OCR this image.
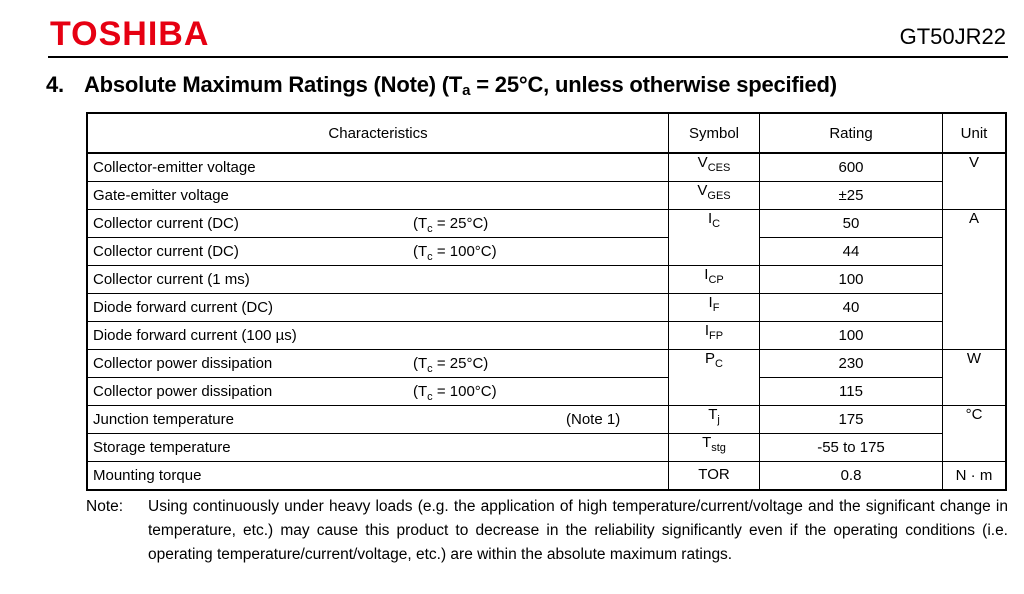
TOSHIBA	GT50JR22
4. Absolute Maximum Ratings (Note) ($T_a = 25^\circ C$, unless otherwise specified)
Characteristics	Symbol	Rating	Unit
Collector-emitter voltage	$V_{CES}$	600	V
Gate-emitter voltage	$V_{GES}$	±25	
Collector current (DC) $(T_c = 25^\circ C)$	$I_C$	50	A
Collector current (DC) $(T_c = 100^\circ C)$		44	
Collector current (1 ms)	$I_{CP}$	100	
Diode forward current (DC)	$I_F$	40	
Diode forward current (100 µs)	$I_{FP}$	100	
Collector power dissipation $(T_c = 25^\circ C)$	$P_C$	230	W
Collector power dissipation $(T_c = 100^\circ C)$		115	
Junction temperature (Note 1)	$T_j$	175	°C
Storage temperature	$T_{stg}$	-55 to 175	
Mounting torque	TOR	0.8	N · m
Note: Using continuously under heavy loads (e.g. the application of high temperature/current/voltage and the significant change in temperature, etc.) may cause this product to decrease in the reliability significantly even if the operating conditions (i.e. operating temperature/current/voltage, etc.) are within the absolute maximum ratings.
